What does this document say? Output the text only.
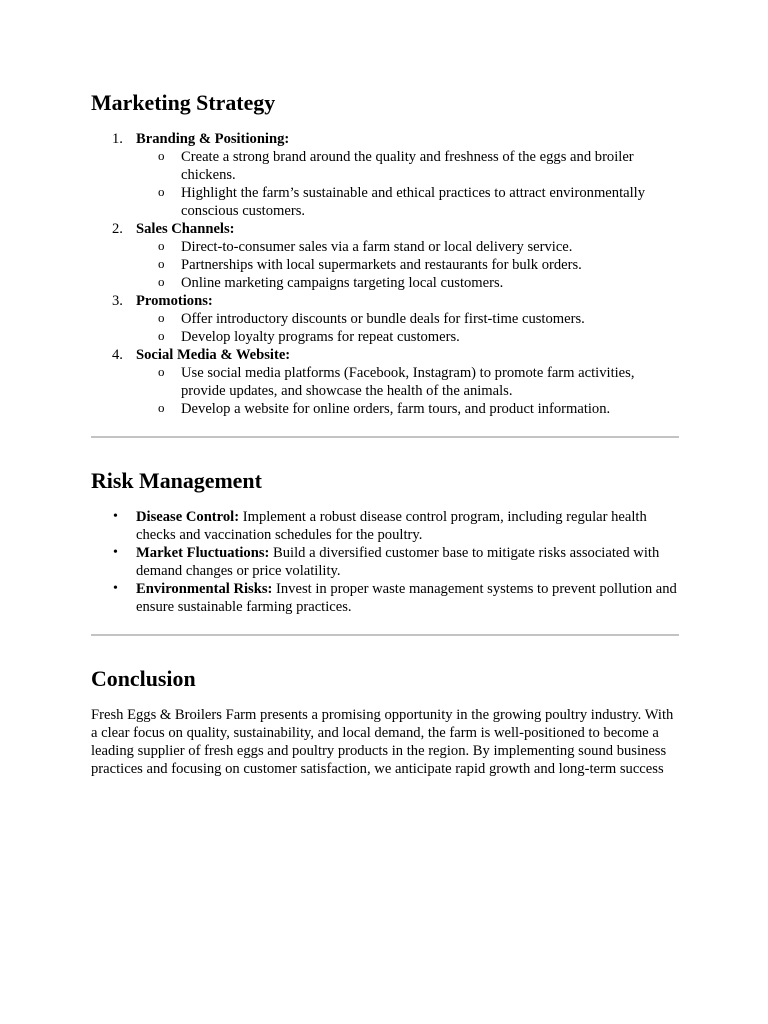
Marketing Strategy
1. Branding & Positioning:
o Create a strong brand around the quality and freshness of the eggs and broiler chickens.
o Highlight the farm’s sustainable and ethical practices to attract environmentally conscious customers.
2. Sales Channels:
o Direct-to-consumer sales via a farm stand or local delivery service.
o Partnerships with local supermarkets and restaurants for bulk orders.
o Online marketing campaigns targeting local customers.
3. Promotions:
o Offer introductory discounts or bundle deals for first-time customers.
o Develop loyalty programs for repeat customers.
4. Social Media & Website:
o Use social media platforms (Facebook, Instagram) to promote farm activities, provide updates, and showcase the health of the animals.
o Develop a website for online orders, farm tours, and product information.
Risk Management
• Disease Control: Implement a robust disease control program, including regular health checks and vaccination schedules for the poultry.
• Market Fluctuations: Build a diversified customer base to mitigate risks associated with demand changes or price volatility.
• Environmental Risks: Invest in proper waste management systems to prevent pollution and ensure sustainable farming practices.
Conclusion

Fresh Eggs & Broilers Farm presents a promising opportunity in the growing poultry industry. With a clear focus on quality, sustainability, and local demand, the farm is well-positioned to become a leading supplier of fresh eggs and poultry products in the region. By implementing sound business practices and focusing on customer satisfaction, we anticipate rapid growth and long-term success
